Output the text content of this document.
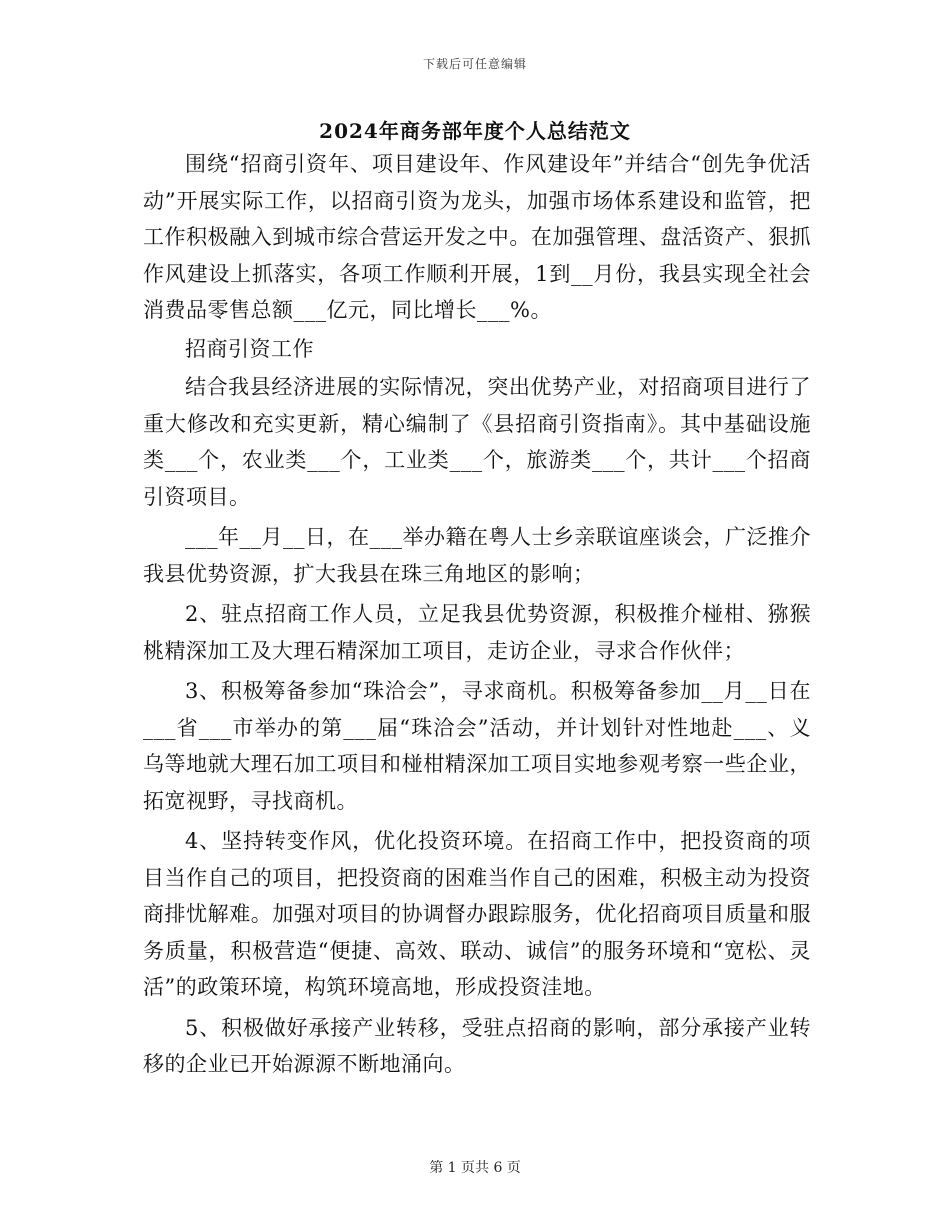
下载后可任意编辑
2024年商务部年度个人总结范文

围绕“招商引资年、项目建设年、作风建设年”并结合“创先争优活动”开展实际工作，以招商引资为龙头，加强市场体系建设和监管，把工作积极融入到城市综合营运开发之中。在加强管理、盘活资产、狠抓作风建设上抓落实，各项工作顺利开展，1到__月份，我县实现全社会消费品零售总额___亿元，同比增长___%。

招商引资工作

结合我县经济进展的实际情况，突出优势产业，对招商项目进行了重大修改和充实更新，精心编制了《县招商引资指南》。其中基础设施类___个，农业类___个，工业类___个，旅游类___个，共计___个招商引资项目。

___年__月__日，在___举办籍在粤人士乡亲联谊座谈会，广泛推介我县优势资源，扩大我县在珠三角地区的影响；

2、驻点招商工作人员，立足我县优势资源，积极推介椪柑、猕猴桃精深加工及大理石精深加工项目，走访企业，寻求合作伙伴；

3、积极筹备参加“珠洽会”，寻求商机。积极筹备参加__月__日在___省___市举办的第___届“珠洽会”活动，并计划针对性地赴___、义乌等地就大理石加工项目和椪柑精深加工项目实地参观考察一些企业，拓宽视野，寻找商机。

4、坚持转变作风，优化投资环境。在招商工作中，把投资商的项目当作自己的项目，把投资商的困难当作自己的困难，积极主动为投资商排忧解难。加强对项目的协调督办跟踪服务，优化招商项目质量和服务质量，积极营造“便捷、高效、联动、诚信”的服务环境和“宽松、灵活”的政策环境，构筑环境高地，形成投资洼地。

5、积极做好承接产业转移，受驻点招商的影响，部分承接产业转移的企业已开始源源不断地涌向。

第 1 页共 6 页
